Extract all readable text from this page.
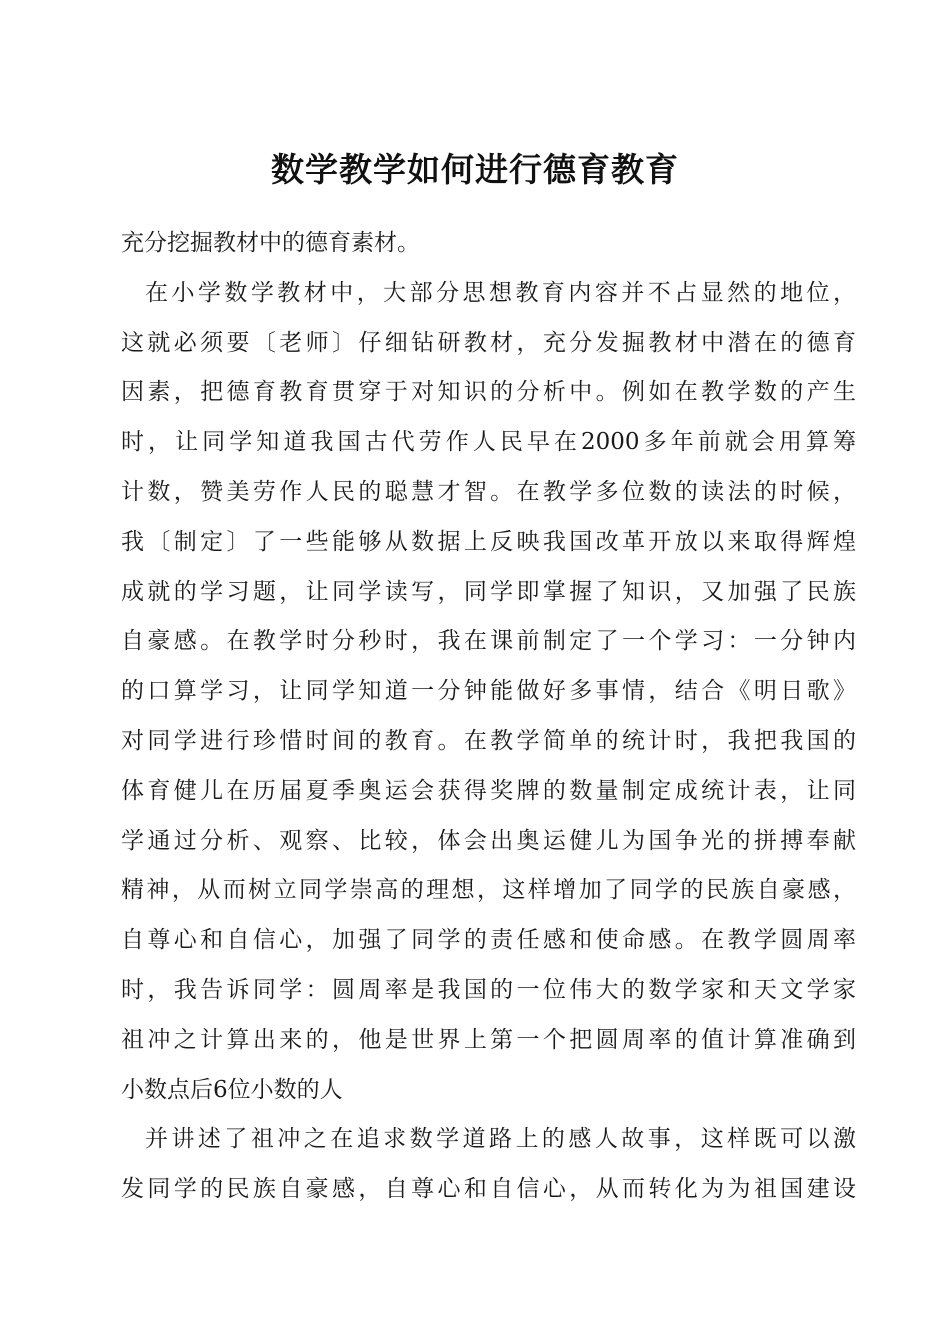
数学教学如何进行德育教育
充分挖掘教材中的德育素材。
在小学数学教材中，大部分思想教育内容并不占显然的地位，
这就必须要〔老师〕仔细钻研教材，充分发掘教材中潜在的德育
因素，把德育教育贯穿于对知识的分析中。例如在教学数的产生
时，让同学知道我国古代劳作人民早在2000多年前就会用算筹
计数，赞美劳作人民的聪慧才智。在教学多位数的读法的时候，
我〔制定〕了一些能够从数据上反映我国改革开放以来取得辉煌
成就的学习题，让同学读写，同学即掌握了知识，又加强了民族
自豪感。在教学时分秒时，我在课前制定了一个学习：一分钟内
的口算学习，让同学知道一分钟能做好多事情，结合《明日歌》
对同学进行珍惜时间的教育。在教学简单的统计时，我把我国的
体育健儿在历届夏季奥运会获得奖牌的数量制定成统计表，让同
学通过分析、观察、比较，体会出奥运健儿为国争光的拼搏奉献
精神，从而树立同学崇高的理想，这样增加了同学的民族自豪感，
自尊心和自信心，加强了同学的责任感和使命感。在教学圆周率
时，我告诉同学：圆周率是我国的一位伟大的数学家和天文学家
祖冲之计算出来的，他是世界上第一个把圆周率的值计算准确到
小数点后6位小数的人
并讲述了祖冲之在追求数学道路上的感人故事，这样既可以激
发同学的民族自豪感，自尊心和自信心，从而转化为为祖国建设
